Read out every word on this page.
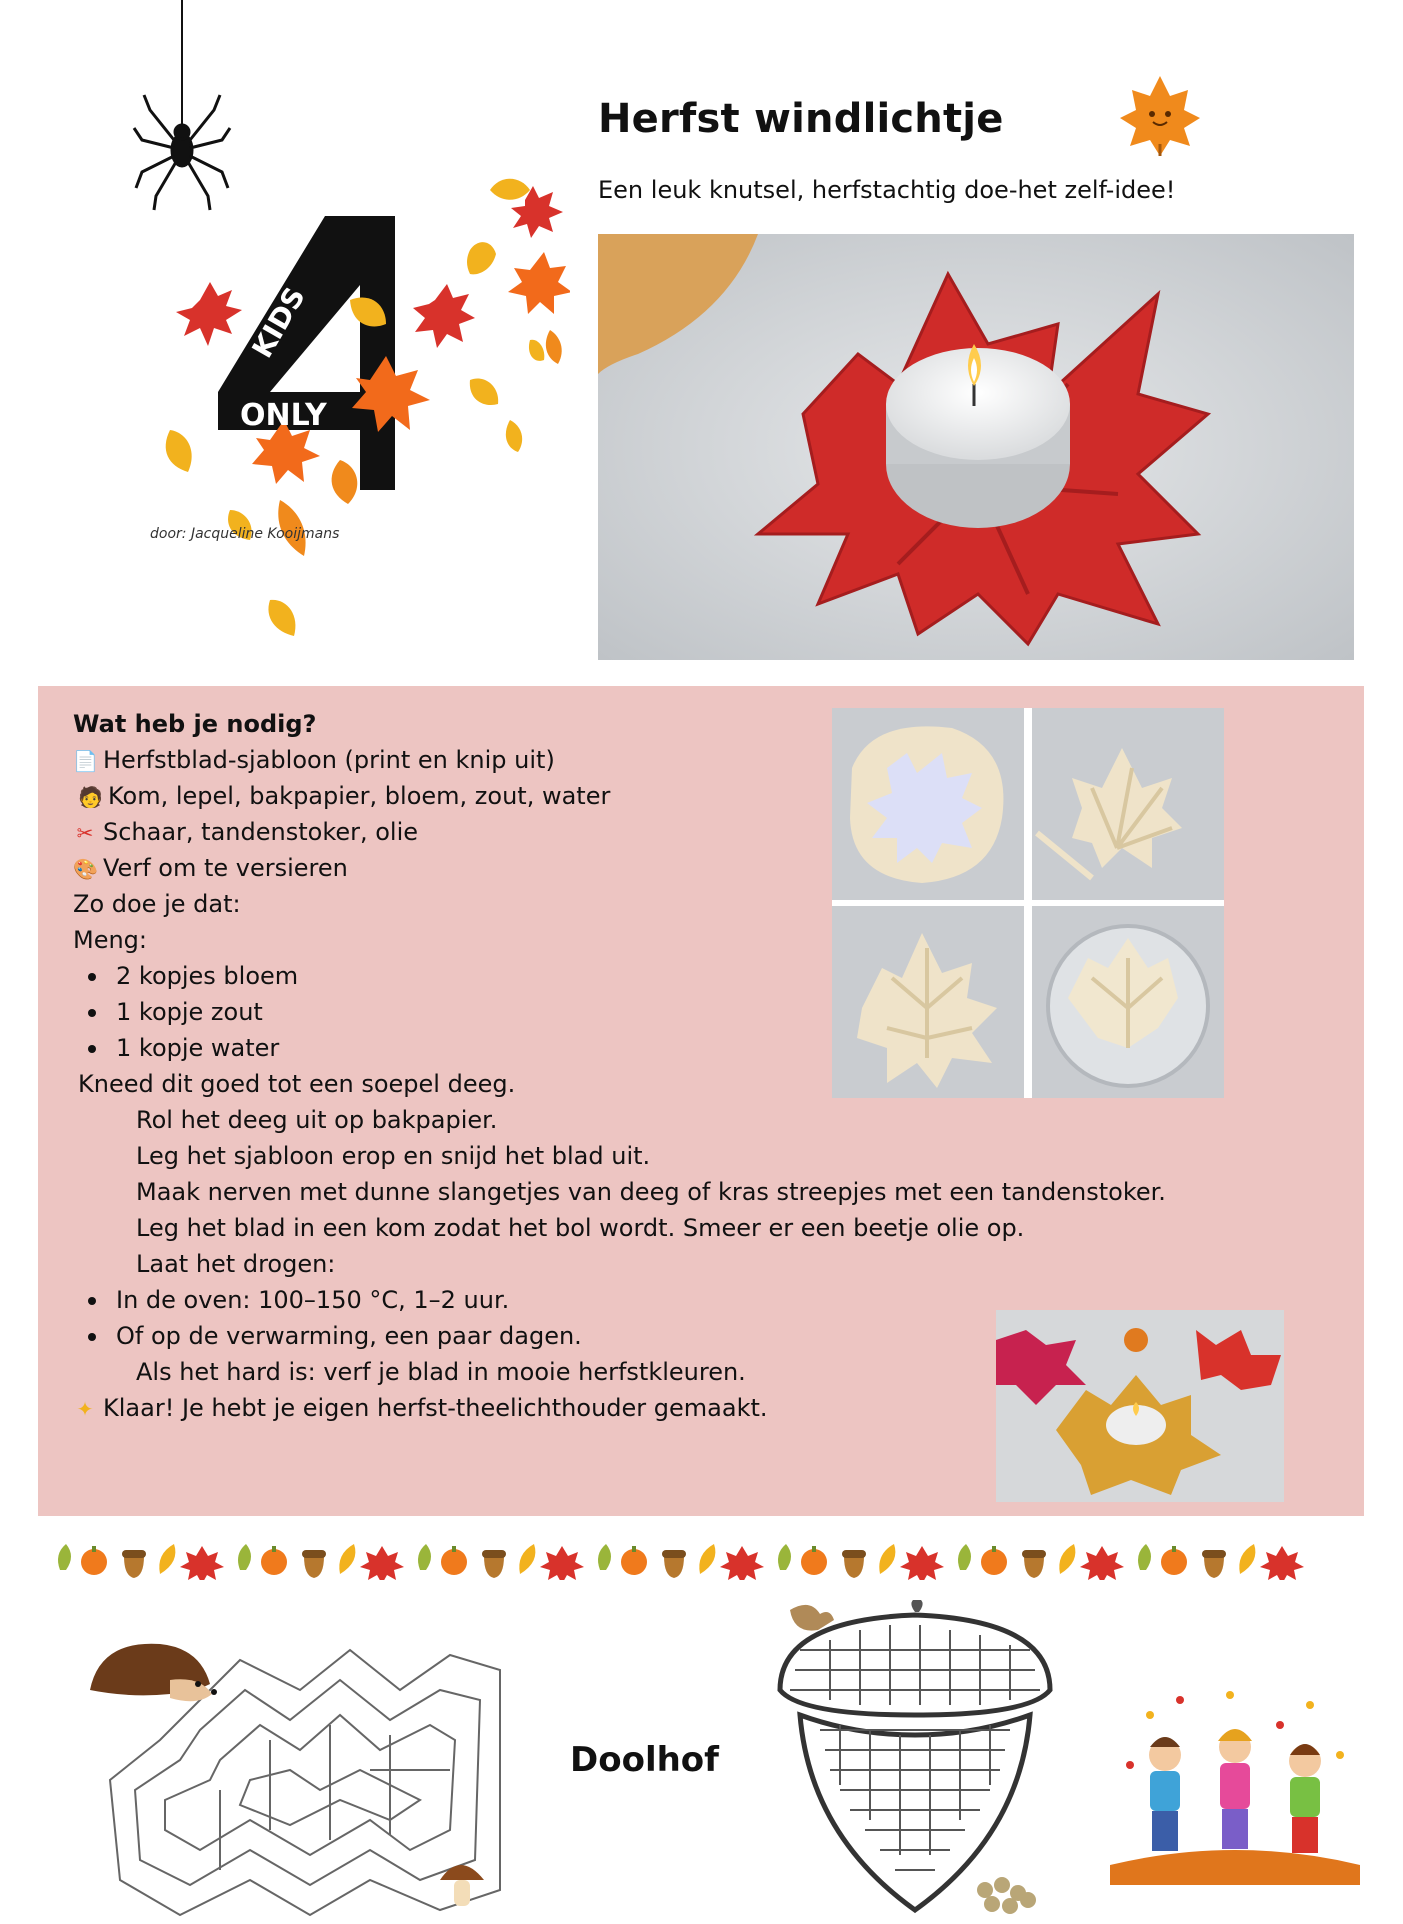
KIDS
ONLY
door: Jacqueline Kooijmans
Herfst windlichtje
Een leuk knutsel, herfstachtig doe-het zelf-idee!
Wat heb je nodig?
📄 Herfstblad-sjabloon (print en knip uit)
🧑 Kom, lepel, bakpapier, bloem, zout, water
✂ Schaar, tandenstoker, olie
🎨 Verf om te versieren
Zo doe je dat:
Meng:
2 kopjes bloem
1 kopje zout
1 kopje water
Kneed dit goed tot een soepel deeg.
Rol het deeg uit op bakpapier.
Leg het sjabloon erop en snijd het blad uit.
Maak nerven met dunne slangetjes van deeg of kras streepjes met een tandenstoker.
Leg het blad in een kom zodat het bol wordt. Smeer er een beetje olie op.
Laat het drogen:
In de oven: 100–150 °C, 1–2 uur.
Of op de verwarming, een paar dagen.
Als het hard is: verf je blad in mooie herfstkleuren.
✦ Klaar! Je hebt je eigen herfst-theelichthouder gemaakt.
Doolhof
